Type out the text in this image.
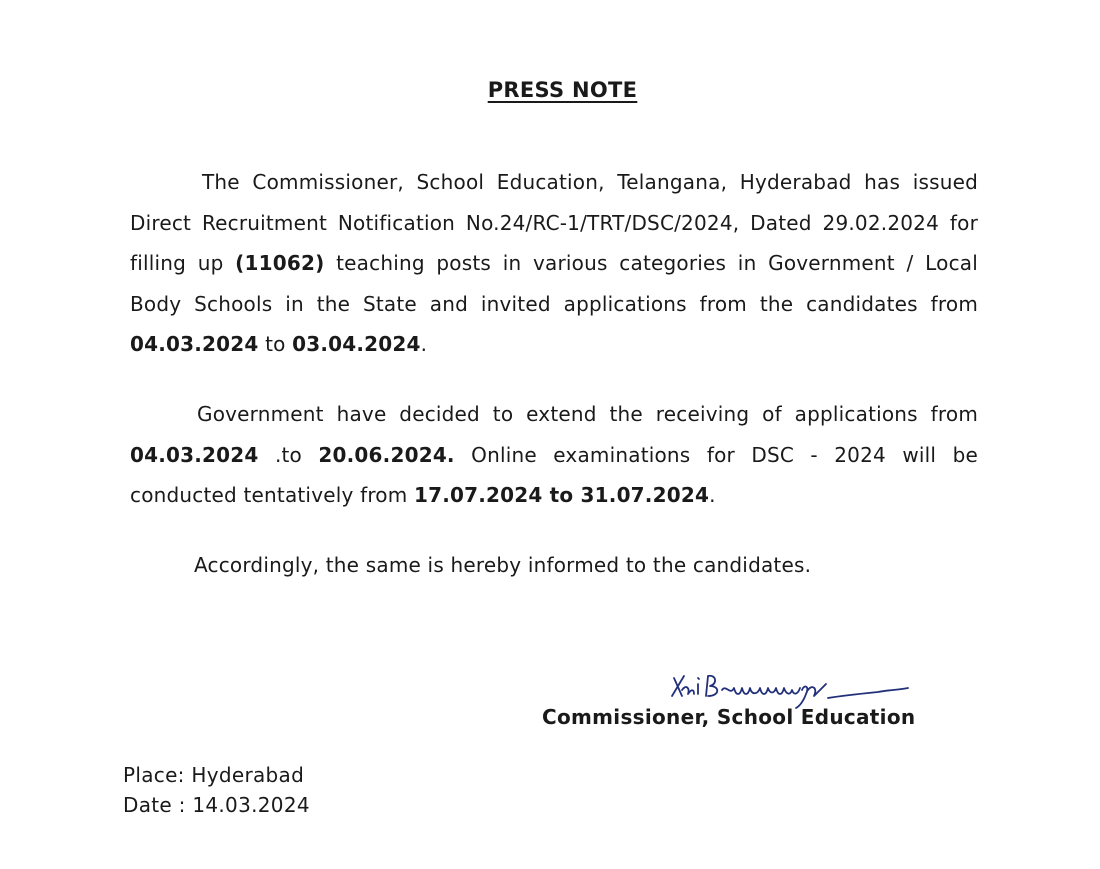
PRESS NOTE
The Commissioner, School Education, Telangana, Hyderabad has issued Direct Recruitment Notification No.24/RC-1/TRT/DSC/2024, Dated 29.02.2024 for filling up (11062) teaching posts in various categories in Government / Local Body Schools in the State and invited applications from the candidates from 04.03.2024 to 03.04.2024.
Government have decided to extend the receiving of applications from 04.03.2024 .to 20.06.2024. Online examinations for DSC - 2024 will be conducted tentatively from 17.07.2024 to 31.07.2024.
Accordingly, the same is hereby informed to the candidates.
Commissioner, School Education
Place: Hyderabad
Date : 14.03.2024
